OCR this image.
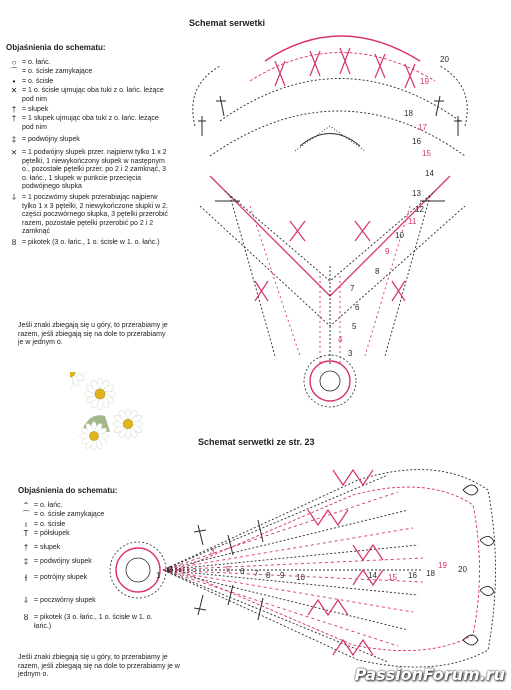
Schemat serwetki
Objaśnienia do schematu:
○ = o. łańc.
⌒ = o. ścisłe zamykające
• = o. ścisłe
✕ = 1 o. ścisłe ujmując oba tuki z o. łańc. leżące pod nim
† = słupek
† = 1 słupek ujmując oba tuki z o. łańc. leżące pod nim
‡ = podwójny słupek
⨯ = 1 podwójny słupek przer. najpierw tylko 1 x 2 pętelki, 1 niewykończony słupek w następnym o., pozostałe pętelki przer. po 2 i 2 zamknąć, 3 o. łańc., 1 słupek w punkcie przecięcia podwójnego słupka
⸸ = 1 poczwórny słupek przerabiając najpierw tylko 1 x 3 pętelki, 2 niewykończone słupki w 2. części poczwórnego słupka, 3 pętelki przerobić razem, pozostałe pętelki przerobić po 2 i 2 zamknąć
ȣ = pikotek (3 o. łańc., 1 o. ścisłe w 1. o. łańc.)
Jeśli znaki zbiegają się u góry, to przerabiamy je razem, jeśli zbiegają się na dole to przerabiamy je w jednym o.
3
5
6
7
8
10
12
13
14
16
18
20
4
9
11
15
17
19
Schemat serwetki ze str. 23
Objaśnienia do schematu:
⌃ = o. łańc.
⌒ = o. ścisłe zamykające
ı = o. ścisłe
T = półsłupek
† = słupek
‡ = podwójny słupek
⫲ = potrójny słupek
⸸ = poczwórny słupek
ȣ = pikotek (3 o. łańc., 1 o. ścisłe w 1. o. łańc.)
Jeśli znaki zbiegają się u góry, to przerabiamy je razem, jeśli zbiegają się na dole to przerabiamy je w jednym o.
1
2	6 7 8 9 10	14	16 18	20
3
5
15
19
PassionForum.ru
